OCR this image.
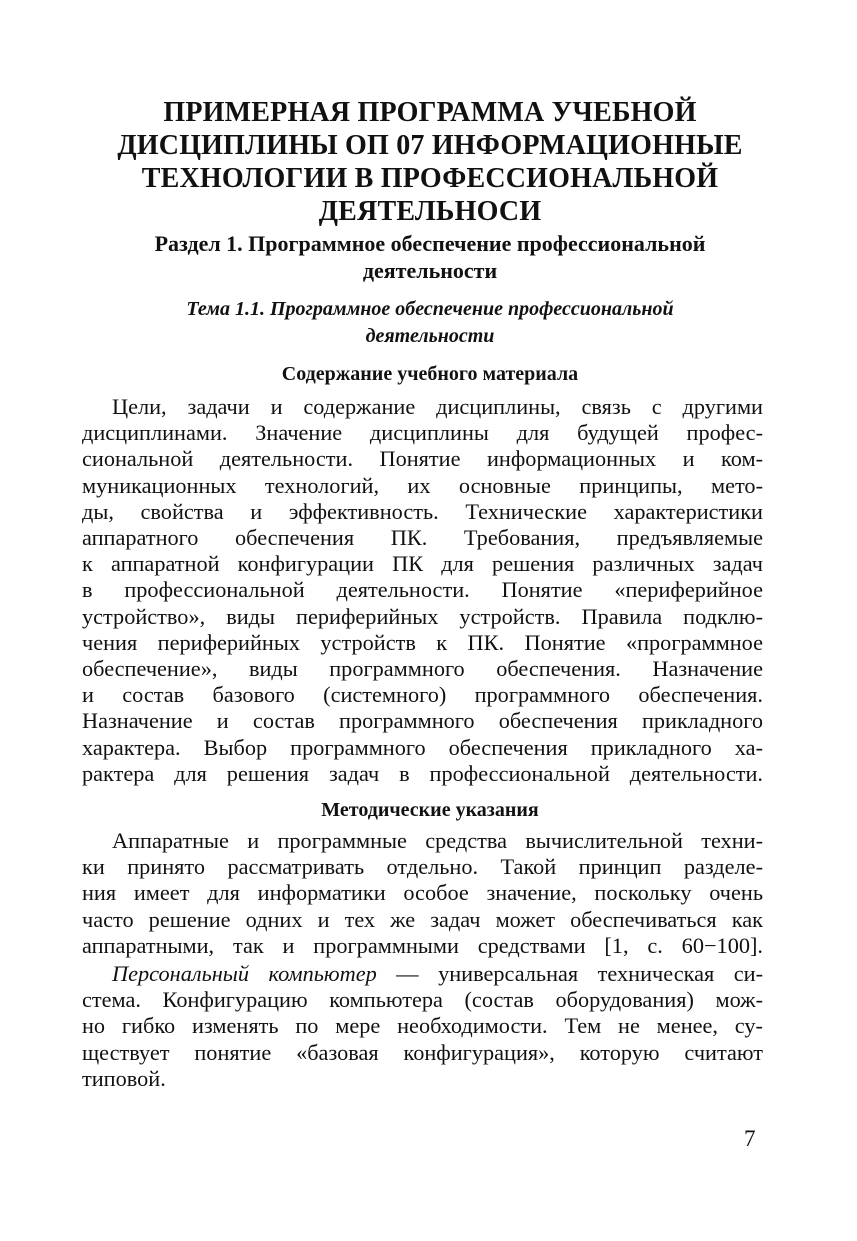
ПРИМЕРНАЯ ПРОГРАММА УЧЕБНОЙ
ДИСЦИПЛИНЫ ОП 07 ИНФОРМАЦИОННЫЕ
ТЕХНОЛОГИИ В ПРОФЕССИОНАЛЬНОЙ
ДЕЯТЕЛЬНОСИ
Раздел 1. Программное обеспечение профессиональной
деятельности
Тема 1.1. Программное обеспечение профессиональной
деятельности
Содержание учебного материала
Цели, задачи и содержание дисциплины, связь с другими
дисциплинами. Значение дисциплины для будущей профес-
сиональной деятельности. Понятие информационных и ком-
муникационных технологий, их основные принципы, мето-
ды, свойства и эффективность. Технические характеристики
аппаратного обеспечения ПК. Требования, предъявляемые
к аппаратной конфигурации ПК для решения различных задач
в профессиональной деятельности. Понятие «периферийное
устройство», виды периферийных устройств. Правила подклю-
чения периферийных устройств к ПК. Понятие «программное
обеспечение», виды программного обеспечения. Назначение
и состав базового (системного) программного обеспечения.
Назначение и состав программного обеспечения прикладного
характера. Выбор программного обеспечения прикладного ха-
рактера для решения задач в профессиональной деятельности.
Методические указания
Аппаратные и программные средства вычислительной техни-
ки принято рассматривать отдельно. Такой принцип разделе-
ния имеет для информатики особое значение, поскольку очень
часто решение одних и тех же задач может обеспечиваться как
аппаратными, так и программными средствами [1, с. 60−100].
Персональный компьютер — универсальная техническая си-
стема. Конфигурацию компьютера (состав оборудования) мож-
но гибко изменять по мере необходимости. Тем не менее, су-
ществует понятие «базовая конфигурация», которую считают
типовой.
7
